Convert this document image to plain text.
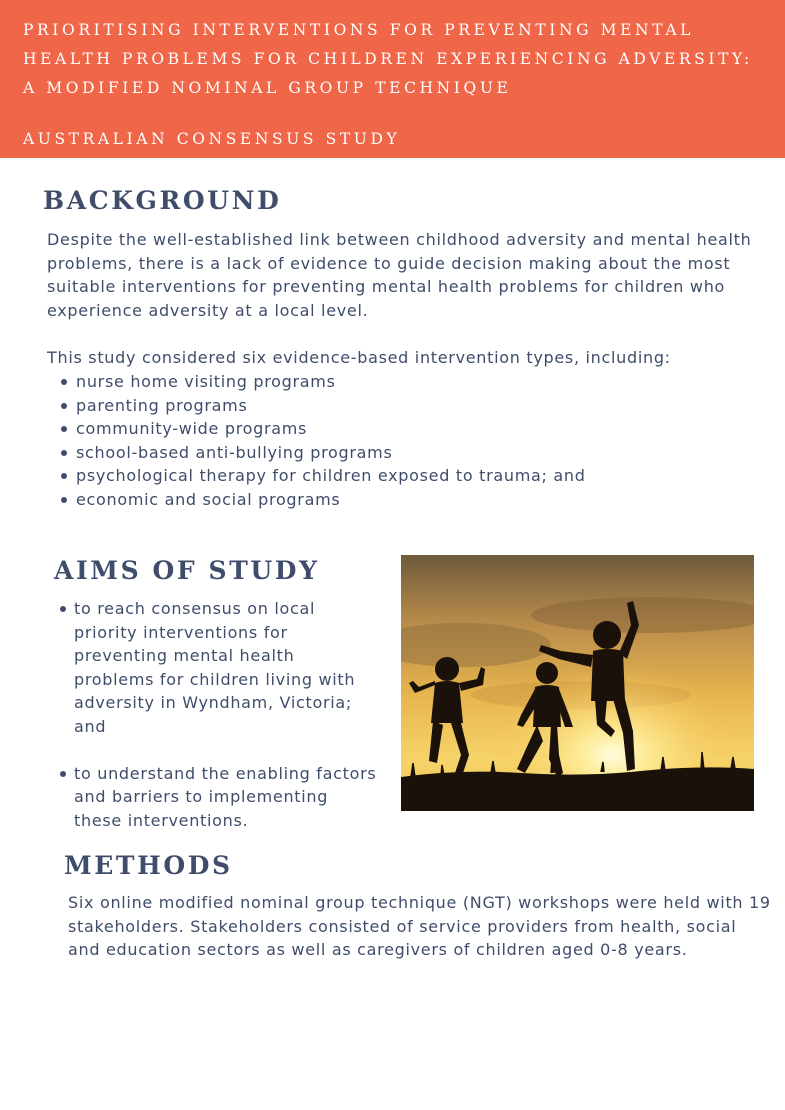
PRIORITISING INTERVENTIONS FOR PREVENTING MENTAL HEALTH PROBLEMS FOR CHILDREN EXPERIENCING ADVERSITY: A MODIFIED NOMINAL GROUP TECHNIQUE
AUSTRALIAN CONSENSUS STUDY
BACKGROUND

Despite the well-established link between childhood adversity and mental health problems, there is a lack of evidence to guide decision making about the most suitable interventions for preventing mental health problems for children who experience adversity at a local level.

This study considered six evidence-based intervention types, including:

nurse home visiting programs
parenting programs
community-wide programs
school-based anti-bullying programs
psychological therapy for children exposed to trauma; and
economic and social programs
AIMS OF STUDY
to reach consensus on local priority interventions for preventing mental health problems for children living with adversity in Wyndham, Victoria; and
to understand the enabling factors and barriers to implementing these interventions.
METHODS

Six online modified nominal group technique (NGT) workshops were held with 19 stakeholders. Stakeholders consisted of service providers from health, social and education sectors as well as caregivers of children aged 0-8 years.
